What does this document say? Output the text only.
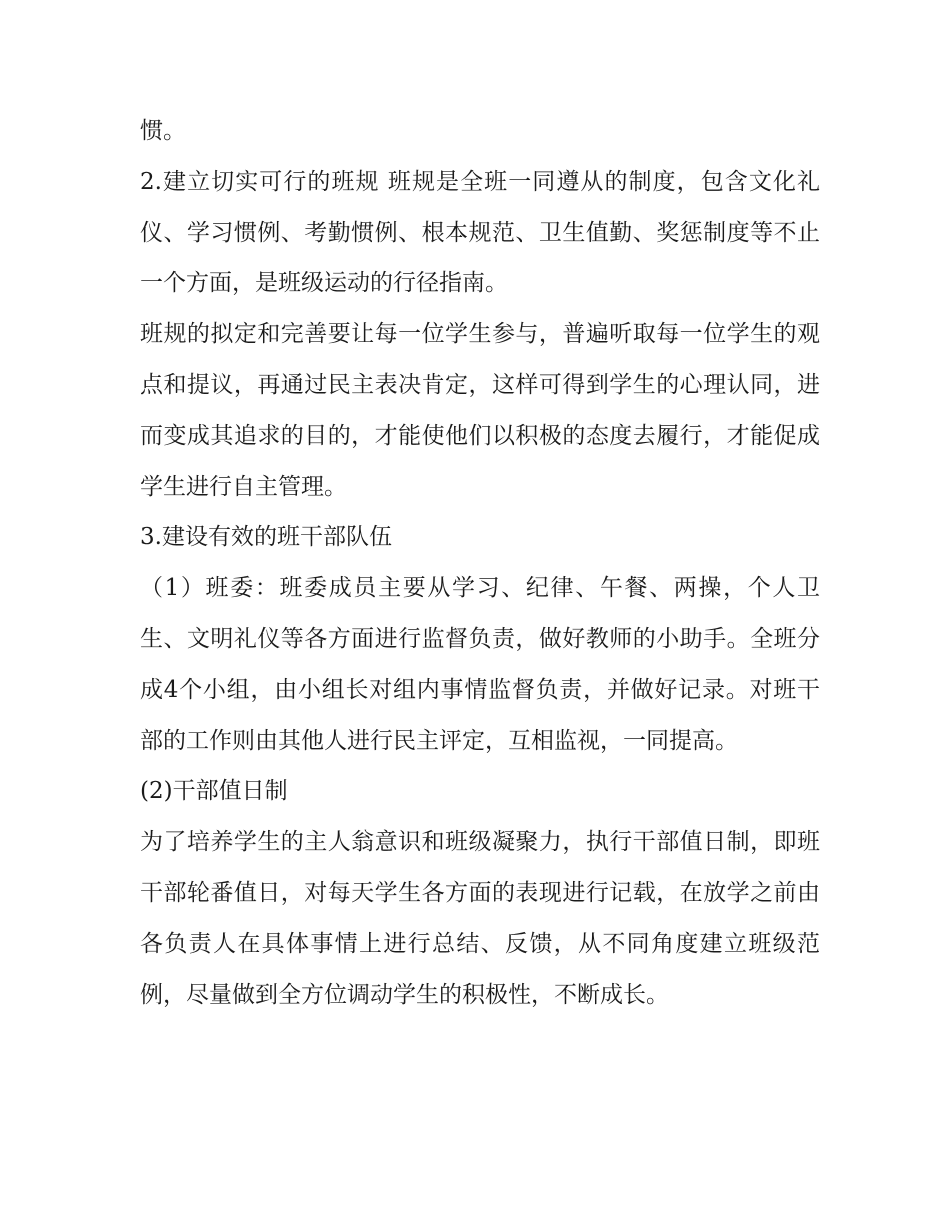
惯。

2.建立切实可行的班规 班规是全班一同遵从的制度，包含文化礼仪、学习惯例、考勤惯例、根本规范、卫生值勤、奖惩制度等不止一个方面，是班级运动的行径指南。

班规的拟定和完善要让每一位学生参与，普遍听取每一位学生的观点和提议，再通过民主表决肯定，这样可得到学生的心理认同，进而变成其追求的目的，才能使他们以积极的态度去履行，才能促成学生进行自主管理。

3.建设有效的班干部队伍

（1）班委：班委成员主要从学习、纪律、午餐、两操，个人卫生、文明礼仪等各方面进行监督负责，做好教师的小助手。全班分成4个小组，由小组长对组内事情监督负责，并做好记录。对班干部的工作则由其他人进行民主评定，互相监视，一同提高。

(2)干部值日制

为了培养学生的主人翁意识和班级凝聚力，执行干部值日制，即班干部轮番值日，对每天学生各方面的表现进行记载，在放学之前由各负责人在具体事情上进行总结、反馈，从不同角度建立班级范例，尽量做到全方位调动学生的积极性，不断成长。
